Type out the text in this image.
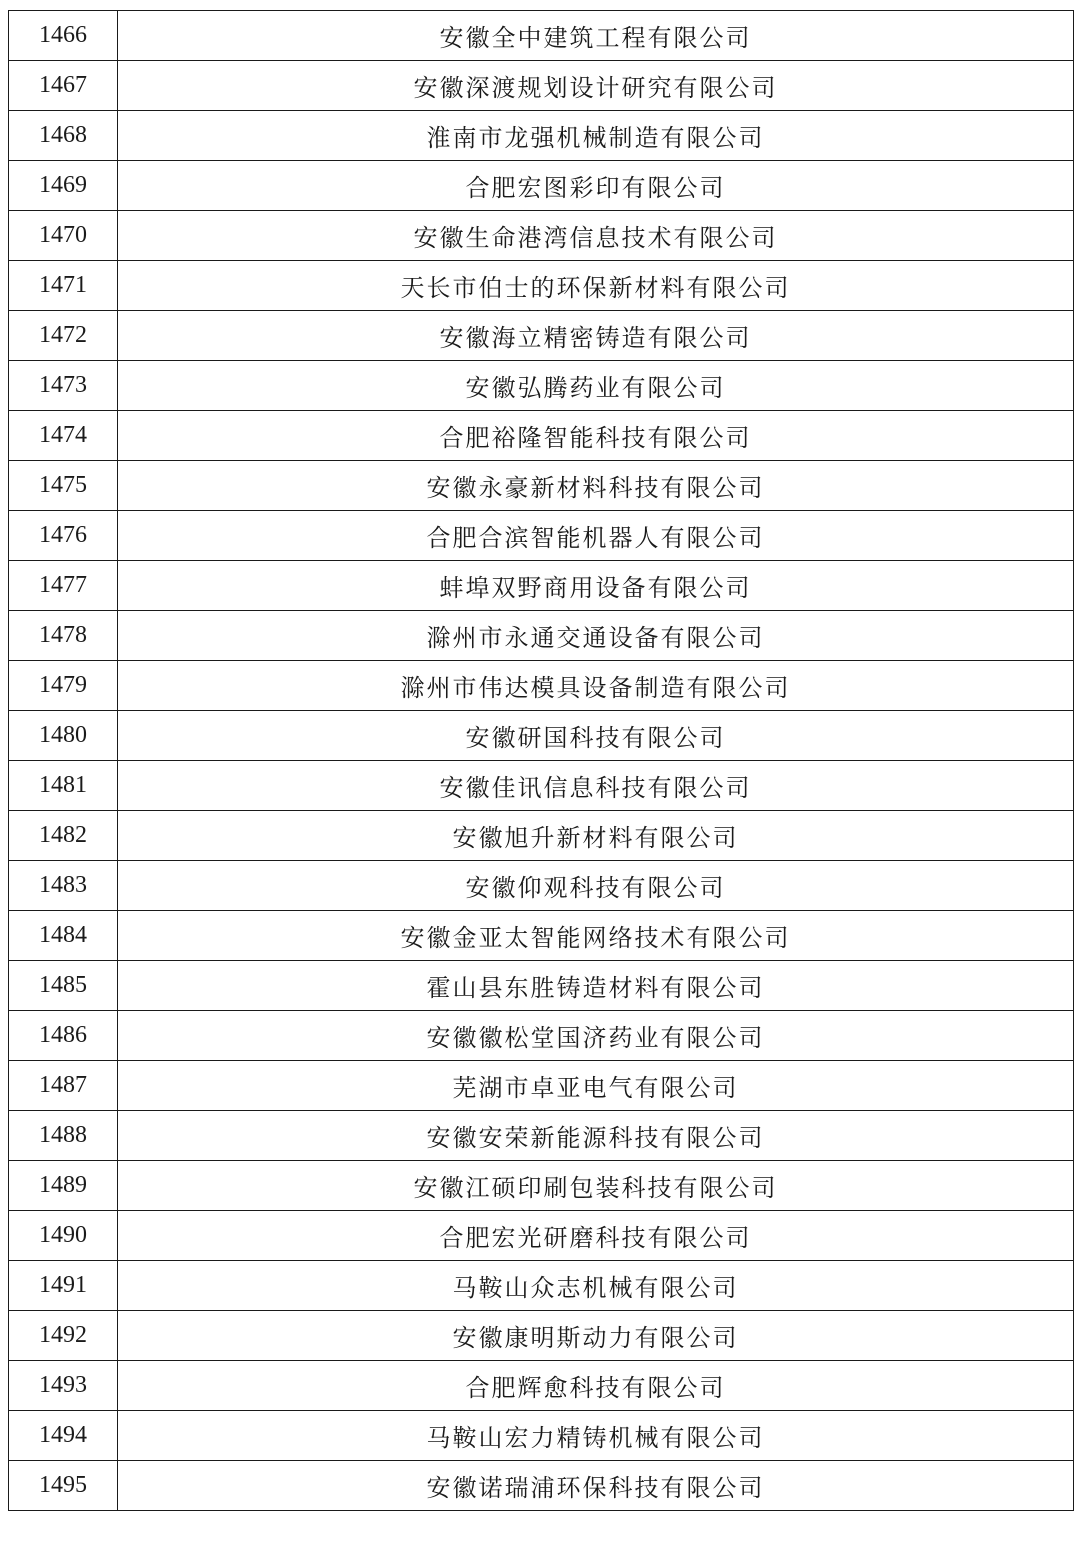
1466	安徽全中建筑工程有限公司
1467	安徽深渡规划设计研究有限公司
1468	淮南市龙强机械制造有限公司
1469	合肥宏图彩印有限公司
1470	安徽生命港湾信息技术有限公司
1471	天长市伯士的环保新材料有限公司
1472	安徽海立精密铸造有限公司
1473	安徽弘腾药业有限公司
1474	合肥裕隆智能科技有限公司
1475	安徽永豪新材料科技有限公司
1476	合肥合滨智能机器人有限公司
1477	蚌埠双野商用设备有限公司
1478	滁州市永通交通设备有限公司
1479	滁州市伟达模具设备制造有限公司
1480	安徽研国科技有限公司
1481	安徽佳讯信息科技有限公司
1482	安徽旭升新材料有限公司
1483	安徽仰观科技有限公司
1484	安徽金亚太智能网络技术有限公司
1485	霍山县东胜铸造材料有限公司
1486	安徽徽松堂国济药业有限公司
1487	芜湖市卓亚电气有限公司
1488	安徽安荣新能源科技有限公司
1489	安徽江硕印刷包装科技有限公司
1490	合肥宏光研磨科技有限公司
1491	马鞍山众志机械有限公司
1492	安徽康明斯动力有限公司
1493	合肥辉愈科技有限公司
1494	马鞍山宏力精铸机械有限公司
1495	安徽诺瑞浦环保科技有限公司
